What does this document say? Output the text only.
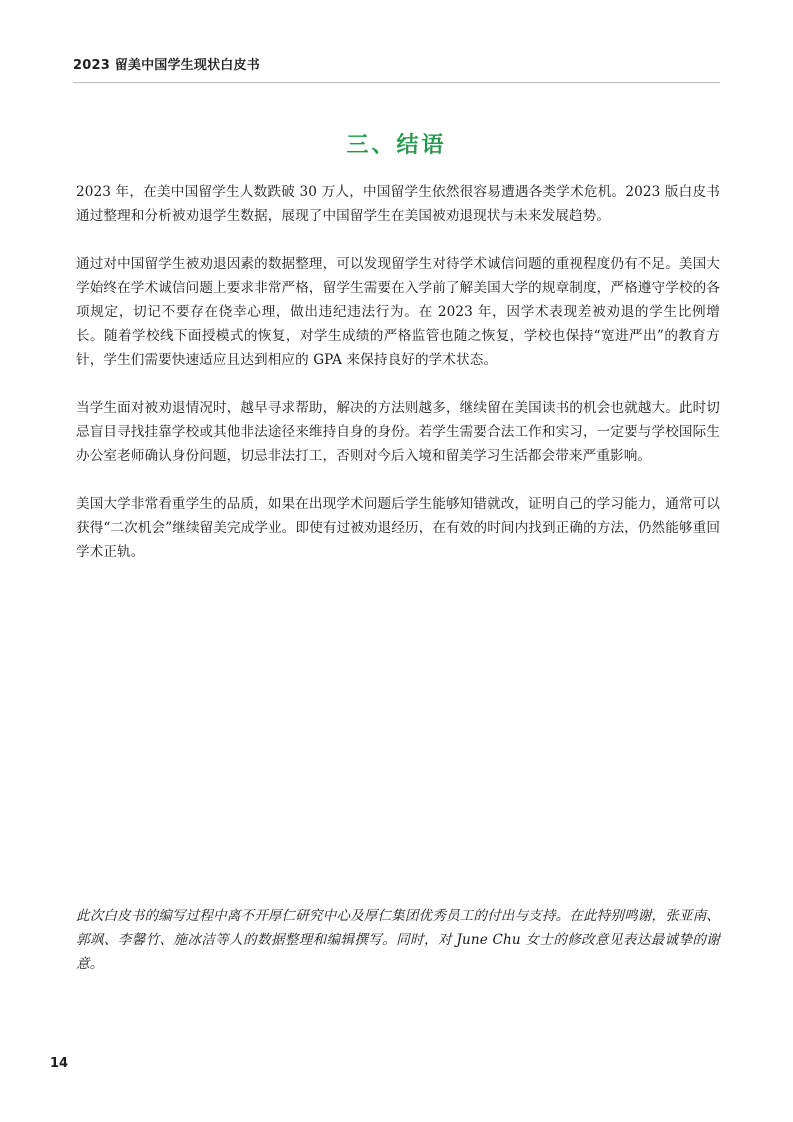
2023 留美中国学生现状白皮书
三、结语

2023 年，在美中国留学生人数跌破 30 万人，中国留学生依然很容易遭遇各类学术危机。2023 版白皮书通过整理和分析被劝退学生数据，展现了中国留学生在美国被劝退现状与未来发展趋势。

通过对中国留学生被劝退因素的数据整理，可以发现留学生对待学术诚信问题的重视程度仍有不足。美国大学始终在学术诚信问题上要求非常严格，留学生需要在入学前了解美国大学的规章制度，严格遵守学校的各项规定，切记不要存在侥幸心理，做出违纪违法行为。在 2023 年，因学术表现差被劝退的学生比例增长。随着学校线下面授模式的恢复，对学生成绩的严格监管也随之恢复，学校也保持“宽进严出”的教育方针，学生们需要快速适应且达到相应的 GPA 来保持良好的学术状态。

当学生面对被劝退情况时，越早寻求帮助，解决的方法则越多，继续留在美国读书的机会也就越大。此时切忌盲目寻找挂靠学校或其他非法途径来维持自身的身份。若学生需要合法工作和实习，一定要与学校国际生办公室老师确认身份问题，切忌非法打工，否则对今后入境和留美学习生活都会带来严重影响。

美国大学非常看重学生的品质，如果在出现学术问题后学生能够知错就改，证明自己的学习能力，通常可以获得“二次机会”继续留美完成学业。即使有过被劝退经历，在有效的时间内找到正确的方法，仍然能够重回学术正轨。

此次白皮书的编写过程中离不开厚仁研究中心及厚仁集团优秀员工的付出与支持。在此特别鸣谢，张亚南、郭飒、李馨竹、施冰洁等人的数据整理和编辑撰写。同时，对 June Chu 女士的修改意见表达最诚挚的谢意。

14
